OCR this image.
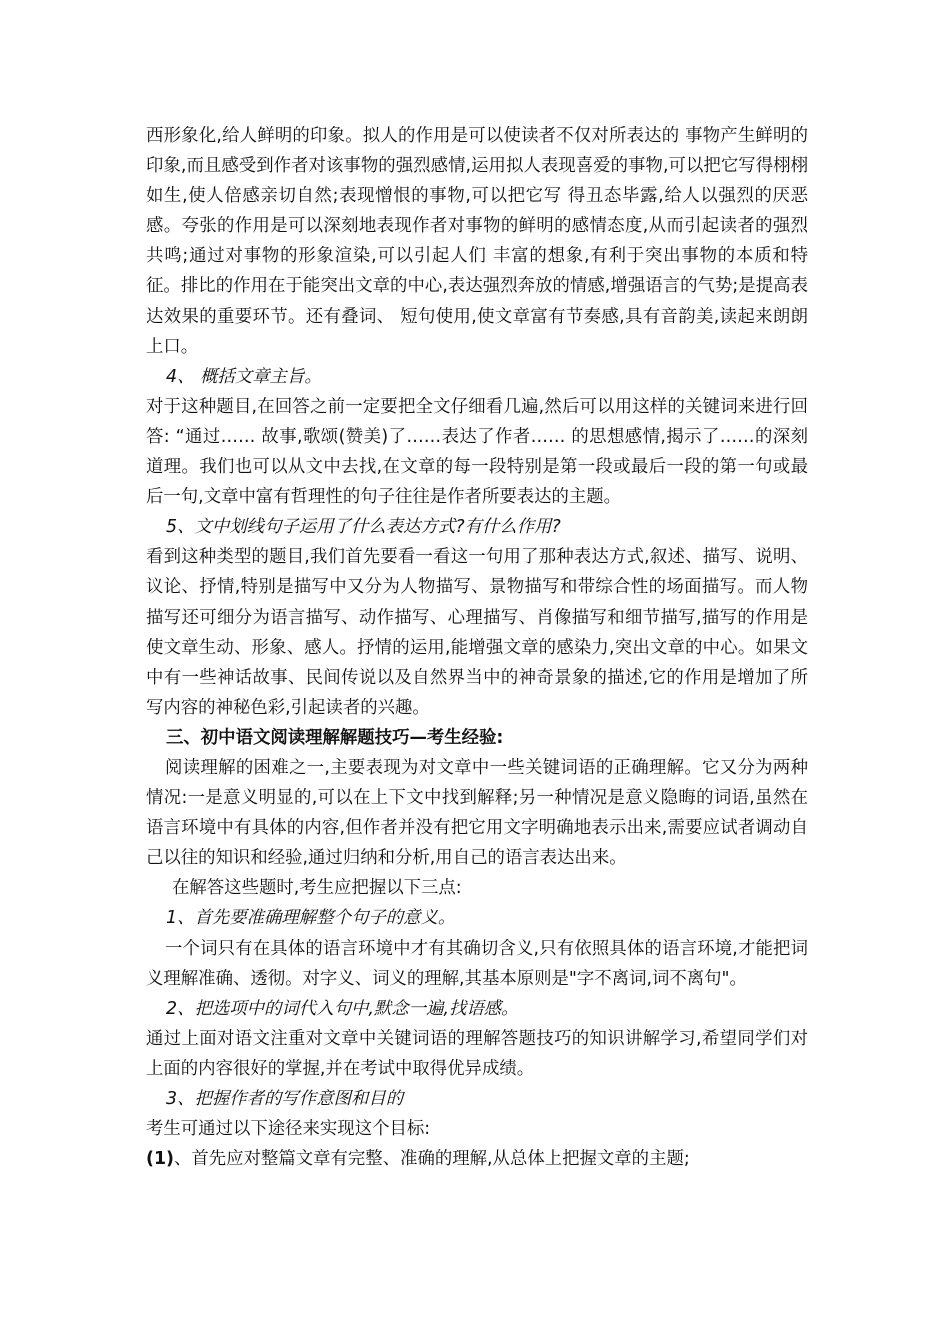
西形象化,给人鲜明的印象。拟人的作用是可以使读者不仅对所表达的 事物产生鲜明的印象,而且感受到作者对该事物的强烈感情,运用拟人表现喜爱的事物,可以把它写得栩栩如生,使人倍感亲切自然;表现憎恨的事物,可以把它写 得丑态毕露,给人以强烈的厌恶感。夸张的作用是可以深刻地表现作者对事物的鲜明的感情态度,从而引起读者的强烈共鸣;通过对事物的形象渲染,可以引起人们 丰富的想象,有利于突出事物的本质和特征。排比的作用在于能突出文章的中心,表达强烈奔放的情感,增强语言的气势;是提高表达效果的重要环节。还有叠词、 短句使用,使文章富有节奏感,具有音韵美,读起来朗朗上口。

4、 概括文章主旨。

对于这种题目,在回答之前一定要把全文仔细看几遍,然后可以用这样的关键词来进行回答: “通过…… 故事,歌颂(赞美)了……表达了作者…… 的思想感情,揭示了……的深刻道理。我们也可以从文中去找,在文章的每一段特别是第一段或最后一段的第一句或最后一句,文章中富有哲理性的句子往往是作者所要表达的主题。

5、文中划线句子运用了什么表达方式?有什么作用?

看到这种类型的题目,我们首先要看一看这一句用了那种表达方式,叙述、描写、说明、议论、抒情,特别是描写中又分为人物描写、景物描写和带综合性的场面描写。而人物描写还可细分为语言描写、动作描写、心理描写、肖像描写和细节描写,描写的作用是使文章生动、形象、感人。抒情的运用,能增强文章的感染力,突出文章的中心。如果文中有一些神话故事、民间传说以及自然界当中的神奇景象的描述,它的作用是增加了所写内容的神秘色彩,引起读者的兴趣。

三、初中语文阅读理解解题技巧—考生经验:

阅读理解的困难之一,主要表现为对文章中一些关键词语的正确理解。它又分为两种情况:一是意义明显的,可以在上下文中找到解释;另一种情况是意义隐晦的词语,虽然在语言环境中有具体的内容,但作者并没有把它用文字明确地表示出来,需要应试者调动自己以往的知识和经验,通过归纳和分析,用自己的语言表达出来。

在解答这些题时,考生应把握以下三点:

1、首先要准确理解整个句子的意义。

一个词只有在具体的语言环境中才有其确切含义,只有依照具体的语言环境,才能把词义理解准确、透彻。对字义、词义的理解,其基本原则是"字不离词,词不离句"。

2、把选项中的词代入句中,默念一遍,找语感。

通过上面对语文注重对文章中关键词语的理解答题技巧的知识讲解学习,希望同学们对上面的内容很好的掌握,并在考试中取得优异成绩。

3、把握作者的写作意图和目的

考生可通过以下途径来实现这个目标:

(1)、首先应对整篇文章有完整、准确的理解,从总体上把握文章的主题;
